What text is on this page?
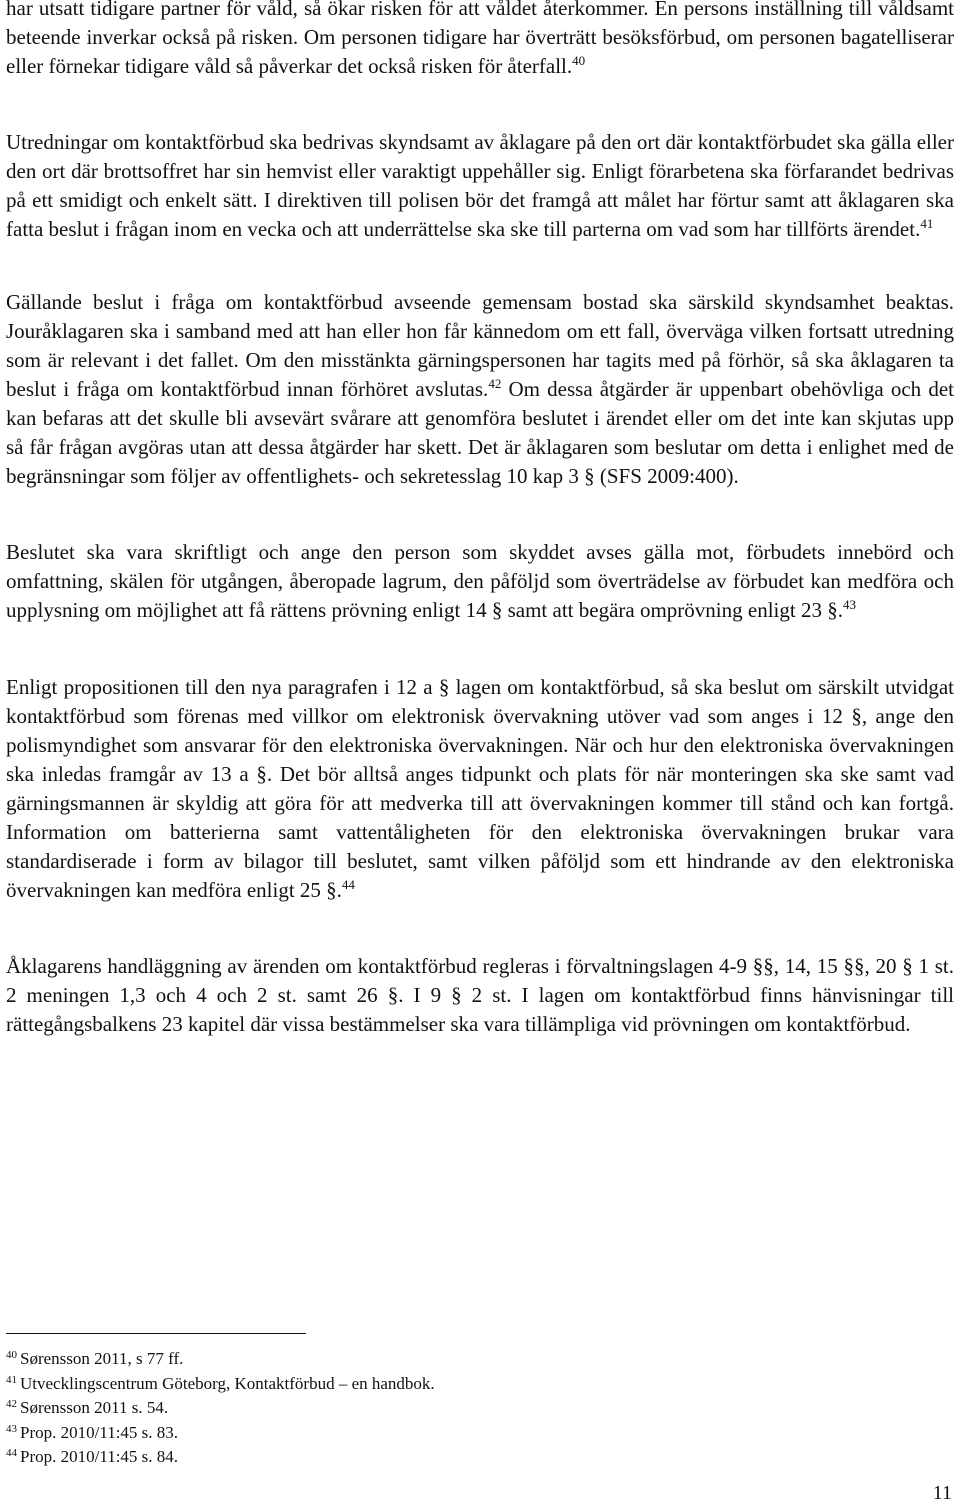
har utsatt tidigare partner för våld, så ökar risken för att våldet återkommer. En persons inställning till våldsamt beteende inverkar också på risken. Om personen tidigare har överträtt besöksförbud, om personen bagatelliserar eller förnekar tidigare våld så påverkar det också risken för återfall.$^{40}$

Utredningar om kontaktförbud ska bedrivas skyndsamt av åklagare på den ort där kontaktförbudet ska gälla eller den ort där brottsoffret har sin hemvist eller varaktigt uppehåller sig. Enligt förarbetena ska förfarandet bedrivas på ett smidigt och enkelt sätt. I direktiven till polisen bör det framgå att målet har förtur samt att åklagaren ska fatta beslut i frågan inom en vecka och att underrättelse ska ske till parterna om vad som har tillförts ärendet.$^{41}$

Gällande beslut i fråga om kontaktförbud avseende gemensam bostad ska särskild skyndsamhet beaktas. Jouråklagaren ska i samband med att han eller hon får kännedom om ett fall, överväga vilken fortsatt utredning som är relevant i det fallet. Om den misstänkta gärningspersonen har tagits med på förhör, så ska åklagaren ta beslut i fråga om kontaktförbud innan förhöret avslutas.$^{42}$ Om dessa åtgärder är uppenbart obehövliga och det kan befaras att det skulle bli avsevärt svårare att genomföra beslutet i ärendet eller om det inte kan skjutas upp så får frågan avgöras utan att dessa åtgärder har skett. Det är åklagaren som beslutar om detta i enlighet med de begränsningar som följer av offentlighets- och sekretesslag 10 kap 3 § (SFS 2009:400).

Beslutet ska vara skriftligt och ange den person som skyddet avses gälla mot, förbudets innebörd och omfattning, skälen för utgången, åberopade lagrum, den påföljd som överträdelse av förbudet kan medföra och upplysning om möjlighet att få rättens prövning enligt 14 § samt att begära omprövning enligt 23 §.$^{43}$

Enligt propositionen till den nya paragrafen i 12 a § lagen om kontaktförbud, så ska beslut om särskilt utvidgat kontaktförbud som förenas med villkor om elektronisk övervakning utöver vad som anges i 12 §, ange den polismyndighet som ansvarar för den elektroniska övervakningen. När och hur den elektroniska övervakningen ska inledas framgår av 13 a §. Det bör alltså anges tidpunkt och plats för när monteringen ska ske samt vad gärningsmannen är skyldig att göra för att medverka till att övervakningen kommer till stånd och kan fortgå. Information om batterierna samt vattentåligheten för den elektroniska övervakningen brukar vara standardiserade i form av bilagor till beslutet, samt vilken påföljd som ett hindrande av den elektroniska övervakningen kan medföra enligt 25 §.$^{44}$

Åklagarens handläggning av ärenden om kontaktförbud regleras i förvaltningslagen 4-9 §§, 14, 15 §§, 20 § 1 st. 2 meningen 1,3 och 4 och 2 st. samt 26 §. I 9 § 2 st. I lagen om kontaktförbud finns hänvisningar till rättegångsbalkens 23 kapitel där vissa bestämmelser ska vara tillämpliga vid prövningen om kontaktförbud.

$^{40}$ Sørensson 2011, s 77 ff.
$^{41}$ Utvecklingscentrum Göteborg, Kontaktförbud – en handbok.
$^{42}$ Sørensson 2011 s. 54.
$^{43}$ Prop. 2010/11:45 s. 83.
$^{44}$ Prop. 2010/11:45 s. 84.
11
